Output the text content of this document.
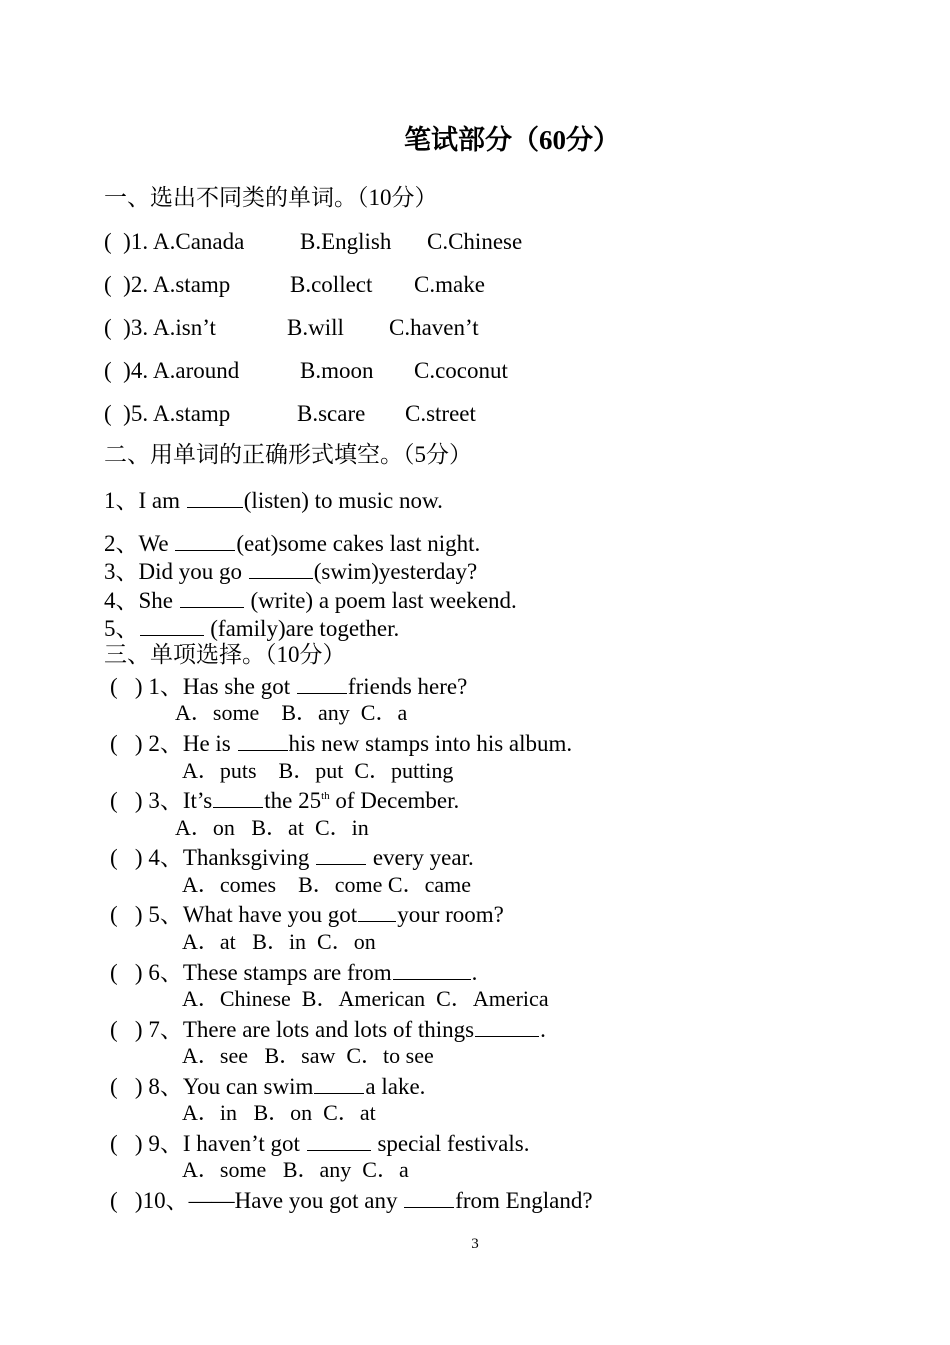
笔试部分（60分）
一、选出不同类的单词。（10分）
(  )1. A.Canada B.English C.Chinese
(  )2. A.stamp	B.collect C.make
(  )3. A.isn’t	B.will C.haven’t
(  )4. A.around	B.moon C.coconut
(  )5. A.stamp	B.scare C.street
二、用单词的正确形式填空。（5分）
1、I am	(listen) to music now.
2、We	(eat)some cakes last night.
3、Did you go	(swim)yesterday?
4、She	(write) a poem last weekend.
5、	(family)are together.
三、单项选择。（10分）
(   ) 1、Has she got friends here?
A．some    B．any  C．a
(   ) 2、He is his new stamps into his album.
A．puts    B．put  C．putting
(   ) 3、It’s the 25th of December.
A．on   B．at  C．in
(   ) 4、Thanksgiving  every year.
A．comes    B．come C．came
(   ) 5、What have you got your room?
A．at   B．in  C．on
(   ) 6、These stamps are from	.
A．Chinese  B．American  C．America
(   ) 7、There are lots and lots of things	.
A．see   B．saw  C．to see
(   ) 8、You can swim a lake.
A．in   B．on  C．at
(   ) 9、I haven’t got	special festivals.
A．some   B．any  C．a
(   )10、——Have you got any from England?
3
